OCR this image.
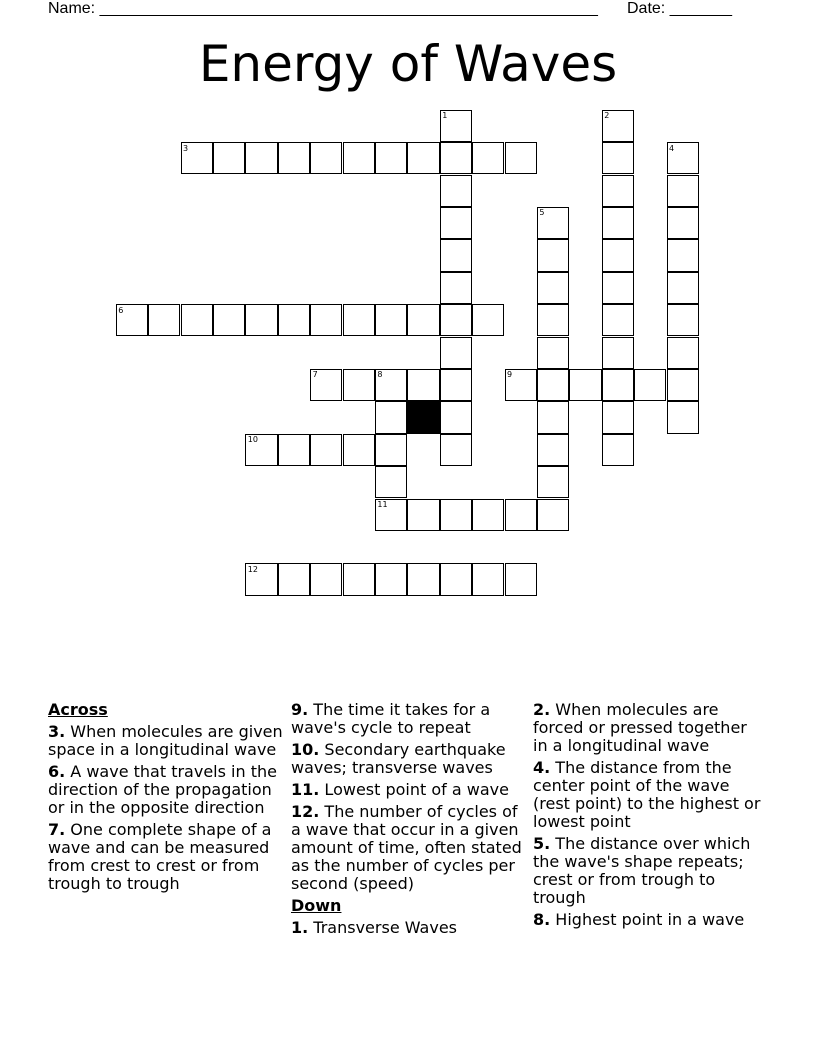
Name: ________________________________________________________ Date: _______
Energy of Waves
1	2
3	4
5
6
7	8	9
10
11
12
Across
3. When molecules are given space in a longitudinal wave
6. A wave that travels in the direction of the propagation or in the opposite direction
7. One complete shape of a wave and can be measured from crest to crest or from trough to trough
9. The time it takes for a wave's cycle to repeat
10. Secondary earthquake waves; transverse waves
11. Lowest point of a wave
12. The number of cycles of a wave that occur in a given amount of time, often stated as the number of cycles per second (speed)
Down
1. Transverse Waves
2. When molecules are forced or pressed together in a longitudinal wave
4. The distance from the center point of the wave (rest point) to the highest or lowest point
5. The distance over which the wave's shape repeats; crest or from trough to trough
8. Highest point in a wave
